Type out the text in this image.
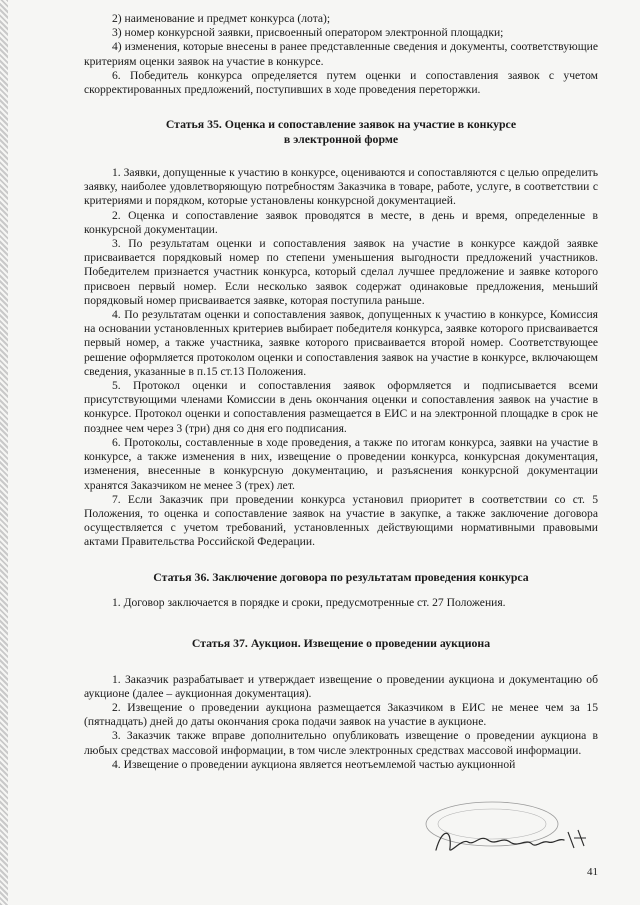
2) наименование и предмет конкурса (лота);

3) номер конкурсной заявки, присвоенный оператором электронной площадки;

4) изменения, которые внесены в ранее представленные сведения и документы, соответствующие критериям оценки заявок на участие в конкурсе.

6. Победитель конкурса определяется путем оценки и сопоставления заявок с учетом скорректированных предложений, поступивших в ходе проведения переторжки.

Статья 35. Оценка и сопоставление заявок на участие в конкурсе
в электронной форме

1. Заявки, допущенные к участию в конкурсе, оцениваются и сопоставляются с целью определить заявку, наиболее удовлетворяющую потребностям Заказчика в товаре, работе, услуге, в соответствии с критериями и порядком, которые установлены конкурсной документацией.

2. Оценка и сопоставление заявок проводятся в месте, в день и время, определенные в конкурсной документации.

3. По результатам оценки и сопоставления заявок на участие в конкурсе каждой заявке присваивается порядковый номер по степени уменьшения выгодности предложений участников. Победителем признается участник конкурса, который сделал лучшее предложение и заявке которого присвоен первый номер. Если несколько заявок содержат одинаковые предложения, меньший порядковый номер присваивается заявке, которая поступила раньше.

4. По результатам оценки и сопоставления заявок, допущенных к участию в конкурсе, Комиссия на основании установленных критериев выбирает победителя конкурса, заявке которого присваивается первый номер, а также участника, заявке которого присваивается второй номер. Соответствующее решение оформляется протоколом оценки и сопоставления заявок на участие в конкурсе, включающем сведения, указанные в п.15 ст.13 Положения.

5. Протокол оценки и сопоставления заявок оформляется и подписывается всеми присутствующими членами Комиссии в день окончания оценки и сопоставления заявок на участие в конкурсе. Протокол оценки и сопоставления размещается в ЕИС и на электронной площадке в срок не позднее чем через 3 (три) дня со дня его подписания.

6. Протоколы, составленные в ходе проведения, а также по итогам конкурса, заявки на участие в конкурсе, а также изменения в них, извещение о проведении конкурса, конкурсная документация, изменения, внесенные в конкурсную документацию, и разъяснения конкурсной документации хранятся Заказчиком не менее 3 (трех) лет.

7. Если Заказчик при проведении конкурса установил приоритет в соответствии со ст. 5 Положения, то оценка и сопоставление заявок на участие в закупке, а также заключение договора осуществляется с учетом требований, установленных действующими нормативными правовыми актами Правительства Российской Федерации.

Статья 36. Заключение договора по результатам проведения конкурса

1. Договор заключается в порядке и сроки, предусмотренные ст. 27 Положения.

Статья 37. Аукцион. Извещение о проведении аукциона

1. Заказчик разрабатывает и утверждает извещение о проведении аукциона и документацию об аукционе (далее – аукционная документация).

2. Извещение о проведении аукциона размещается Заказчиком в ЕИС не менее чем за 15 (пятнадцать) дней до даты окончания срока подачи заявок на участие в аукционе.

3. Заказчик также вправе дополнительно опубликовать извещение о проведении аукциона в любых средствах массовой информации, в том числе электронных средствах массовой информации.

4. Извещение о проведении аукциона является неотъемлемой частью аукционной

41
